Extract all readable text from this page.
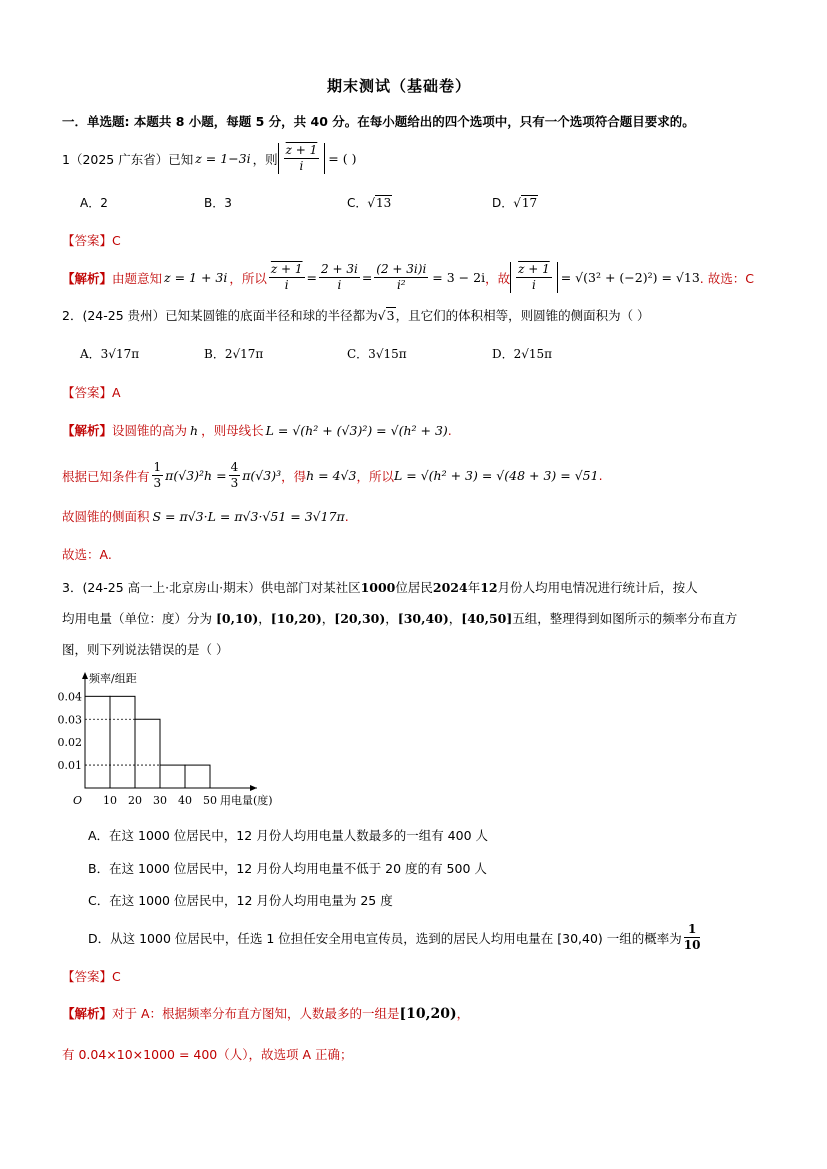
期末测试（基础卷）
一．单选题: 本题共 8 小题，每题 5 分，共 40 分。在每小题给出的四个选项中，只有一个选项符合题目要求的。
1（2025 广东省）已知 z = 1−3i ，则 $\frac{z + 1}{i}$ = ( )
A．2	B．3	C．√13	D．√17
【答案】C
【解析】 由题意知 z = 1 + 3i ，所以 $\frac{z + 1}{i} = \frac{2 + 3i}{i} = \frac{(2 + 3i)i}{\text{i²}} = 3 - 2i$ ，故 $\frac{z + 1}{i} = √(3^2 + (-2)^2) = √13$ . 故选：C
2．(24-25 贵州）已知某圆锥的底面半径和球的半径都为√3，且它们的体积相等，则圆锥的侧面积为（ ）
A．3√17π	B．2√17π	C．3√15π	D．2√15π
【答案】A
【解析】设圆锥的高为 h ，则母线长 L = √(h² + (√3)²) = √(h² + 3).
根据已知条件有 $\frac{1}{3} \pi(√3)^2h = \frac{4}{3} \pi(√3)^3$ ，得 h = 4√3 ，所以 L = √(h² + 3) = √(48 + 3) = √51 .
故圆锥的侧面积 S = π√3·L = π√3·√51 = 3√17π.
故选：A.
3．(24-25 高一上·北京房山·期末）供电部门对某社区1000位居民2024年12月份人均用电情况进行统计后，按人
均用电量（单位：度）分为 [0,10)，[10,20)，[20,30)，[30,40)，[40,50]五组，整理得到如图所示的频率分布直方
图，则下列说法错误的是（ ）
0.01
0.02
0.03
0.04
10 20 30 40 50
O
频率/组距
用电量(度)
A．在这 1000 位居民中，12 月份人均用电量人数最多的一组有 400 人
B．在这 1000 位居民中，12 月份人均用电量不低于 20 度的有 500 人
C．在这 1000 位居民中，12 月份人均用电量为 25 度
D．从这 1000 位居民中，任选 1 位担任安全用电宣传员，选到的居民人均用电量在 [30,40) 一组的概率为 $\frac{1}{10}$
【答案】C
【解析】对于 A：根据频率分布直方图知，人数最多的一组是[10,20)，
有 0.04×10×1000 = 400（人），故选项 A 正确；
